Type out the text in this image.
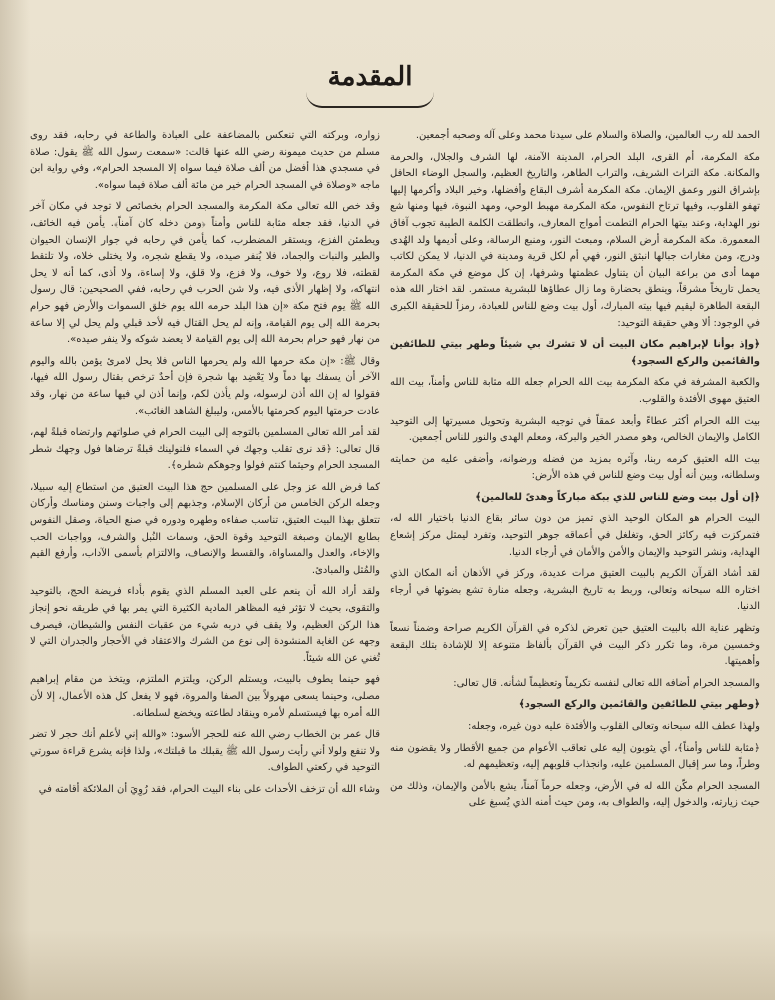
المقدمة

الحمد لله رب العالمين، والصلاة والسلام على سيدنا محمد وعلى آله وصحبه أجمعين.

مكة المكرمة، أم القرى، البلد الحرام، المدينة الآمنة، لها الشرف والجلال، والحرمة والمكانة. مكة التراث الشريف، والتراب الطاهر، والتاريخ العظيم، والسجل الوضاء الحافل بإشراق النور وعمق الإيمان. مكة المكرمة أشرف البقاع وأفضلها، وخير البلاد وأكرمها إليها تهفو القلوب، وفيها ترتاح النفوس، مكة المكرمة مهبط الوحي، ومهد النبوة، فيها ومنها شع نور الهداية، وعند بيتها الحرام التطمت أمواج المعارف، وانطلقت الكلمة الطيبة تجوب آفاق المعمورة. مكة المكرمة أرض السلام، ومبعث النور، ومنبع الرسالة، وعلى أديمها ولد الهُدى ودرج، ومن مغارات جبالها انبثق النور، فهي أم لكل قرية ومدينة في الدنيا، لا يمكن لكاتب مهما أدى من براعة البيان أن يتناول عظمتها وشرفها، إن كل موضع في مكة المكرمة يحمل تاريخاً مشرقاً، وينطق بحضارة وما زال عطاؤها للبشرية مستمر. لقد اختار الله هذه البقعة الطاهرة ليقيم فيها بيته المبارك، أول بيت وضع للناس للعبادة، رمزاً للحقيقة الكبرى في الوجود: ألا وهي حقيقة التوحيد:

﴿وإذ بوأنا لإبراهيم مكان البيت أن لا تشرك بي شيئاً وطهر بيتي للطائفين والقائمين والركع السجود﴾

والكعبة المشرفة في مكة المكرمة بيت الله الحرام جعله الله مثابة للناس وأمناً، بيت الله العتيق مهوى الأفئدة والقلوب.

بيت الله الحرام أكثر عطاءً وأبعد عمقاً في توجيه البشرية وتحويل مسيرتها إلى التوحيد الكامل والإيمان الخالص، وهو مصدر الخير والبركة، ومعلم الهدى والنور للناس أجمعين.

بيت الله العتيق كرمه ربنا، وآثره بمزيد من فضله ورضوانه، وأضفى عليه من حمايته وسلطانه، وبين أنه أول بيت وضع للناس في هذه الأرض:

﴿إن أول بيت وضع للناس للذي ببكة مباركاً وهدىً للعالمين﴾

البيت الحرام هو المكان الوحيد الذي تميز من دون سائر بقاع الدنيا باختيار الله له، فتمركزت فيه ركائز الحق، وتغلغل في أعماقه جوهر التوحيد، وتفرد ليمثل مركز إشعاع الهداية، ونشر التوحيد والإيمان والأمن والأمان في أرجاء الدنيا.

لقد أشاد القرآن الكريم بالبيت العتيق مرات عديدة، وركز في الأذهان أنه المكان الذي اختاره الله سبحانه وتعالى، وربط به تاريخ البشرية، وجعله منارة تشع بضوئها في أرجاء الدنيا.

وتظهر عناية الله بالبيت العتيق حين تعرض لذكره في القرآن الكريم صراحة وضمناً نسعاً وخمسين مرة، وما تكرر ذكر البيت في القرآن بألفاظ متنوعة إلا للإشادة بتلك البقعة وأهميتها.

والمسجد الحرام أضافه الله تعالى لنفسه تكريماً وتعظيماً لشأنه. قال تعالى:

﴿وطهر بيتي للطائفين والقائمين والركع السجود﴾

ولهذا عطف الله سبحانه وتعالى القلوب والأفئدة عليه دون غيره، وجعله:

﴿مثابة للناس وأمناً﴾، أي يثوبون إليه على تعاقب الأعوام من جميع الأقطار ولا يقضون منه وطراً، وما سر إقبال المسلمين عليه، وانجذاب قلوبهم إليه، وتعظيمهم له.

المسجد الحرام مكّن الله له في الأرض، وجعله حرماً آمناً، يشع بالأمن والإيمان، وذلك من حيث زيارته، والدخول إليه، والطواف به، ومن حيث أمنه الذي يُسبغ على

زواره، وبركته التي تنعكس بالمضاعفة على العبادة والطاعة في رحابه، فقد روى مسلم من حديث ميمونة رضي الله عنها قالت: «سمعت رسول الله ﷺ يقول: صلاة في مسجدي هذا أفضل من ألف صلاة فيما سواه إلا المسجد الحرام»، وفي رواية ابن ماجه «وصلاة في المسجد الحرام خير من مائة ألف صلاة فيما سواه».

وقد خص الله تعالى مكة المكرمة والمسجد الحرام بخصائص لا توجد في مكان آخر في الدنيا، فقد جعله مثابة للناس وأمناً ﴿ومن دخله كان آمناً﴾. يأمن فيه الخائف، ويطمئن الفزع، ويستقر المضطرب، كما يأمن في رحابه في جوار الإنسان الحيوان والطير والنبات والجماد، فلا يُنفر صيده، ولا يقطع شجره، ولا يختلى خلاه، ولا تلتقط لقطته، فلا روع، ولا خوف، ولا فزع، ولا قلق، ولا إساءة، ولا أذى، كما أنه لا يحل انتهاكه، ولا إظهار الأذى فيه، ولا شن الحرب في رحابه، ففي الصحيحين: قال رسول الله ﷺ يوم فتح مكة «إن هذا البلد حرمه الله يوم خلق السموات والأرض فهو حرام بحرمة الله إلى يوم القيامة، وإنه لم يحل القتال فيه لأحد قبلي ولم يحل لي إلا ساعة من نهار فهو حرام بحرمة الله إلى يوم القيامة لا يعضد شوكه ولا ينفر صيده».

وقال ﷺ: «إن مكة حرمها الله ولم يحرمها الناس فلا يحل لامرئ يؤمن بالله واليوم الآخر أن يسفك بها دماً ولا يَعْضِد بها شجرة فإن أحدٌ ترخص بقتال رسول الله فيها، فقولوا له إن الله أذن لرسوله، ولم يأذن لكم، وإنما أذن لي فيها ساعة من نهار، وقد عادت حرمتها اليوم كحرمتها بالأمس، وليبلغ الشاهد الغائب».

لقد أمر الله تعالى المسلمين بالتوجه إلى البيت الحرام في صلواتهم وارتضاه قبلةً لهم، قال تعالى: ﴿قد نرى تقلب وجهك في السماء فلنولينك قبلةً ترضاها فول وجهك شطر المسجد الحرام وحيثما كنتم فولوا وجوهكم شطره﴾.

كما فرض الله عز وجل على المسلمين حج هذا البيت العتيق من استطاع إليه سبيلا، وجعله الركن الخامس من أركان الإسلام، وجذبهم إلى واجبات وسنن ومناسك وأركان تتعلق بهذا البيت العتيق، تناسب صفاءه وطهره ودوره في صنع الحياة، وصقل النفوس بطابع الإيمان وصبغة التوحيد وقوة الحق، وسمات النُبل والشرف، وواجبات الحب والإخاء، والعدل والمساواة، والقسط والإنصاف، والالتزام بأسمى الآداب، وأرفع القيم والمُثل والمبادئ.

ولقد أراد الله أن ينعم على العبد المسلم الذي يقوم بأداء فريضة الحج، بالتوحيد والتقوى، بحيث لا تؤثر فيه المظاهر المادية الكثيرة التي يمر بها في طريقه نحو إنجاز هذا الركن العظيم، ولا يقف في دربه شيء من عقبات النفس والشيطان، فيصرف وجهه عن الغاية المنشودة إلى نوع من الشرك والاعتقاد في الأحجار والجدران التي لا تُغني عن الله شيئاً.

فهو حينما يطوف بالبيت، ويستلم الركن، ويلتزم الملتزم، ويتخذ من مقام إبراهيم مصلى، وحينما يسعى مهرولاً بين الصفا والمروة، فهو لا يفعل كل هذه الأعمال، إلا لأن الله أمره بها فيستسلم لأمره وينقاد لطاعته ويخضع لسلطانه.

قال عمر بن الخطاب رضي الله عنه للحجر الأسود: «والله إني لأعلم أنك حجر لا تضر ولا تنفع ولولا أني رأيت رسول الله ﷺ يقبلك ما قبلتك»، ولذا فإنه يشرع قراءة سورتي التوحيد في ركعتي الطواف.

وشاء الله أن تزخف الأحداث على بناء البيت الحرام، فقد رُوِيَ أن الملائكة أقامته في
